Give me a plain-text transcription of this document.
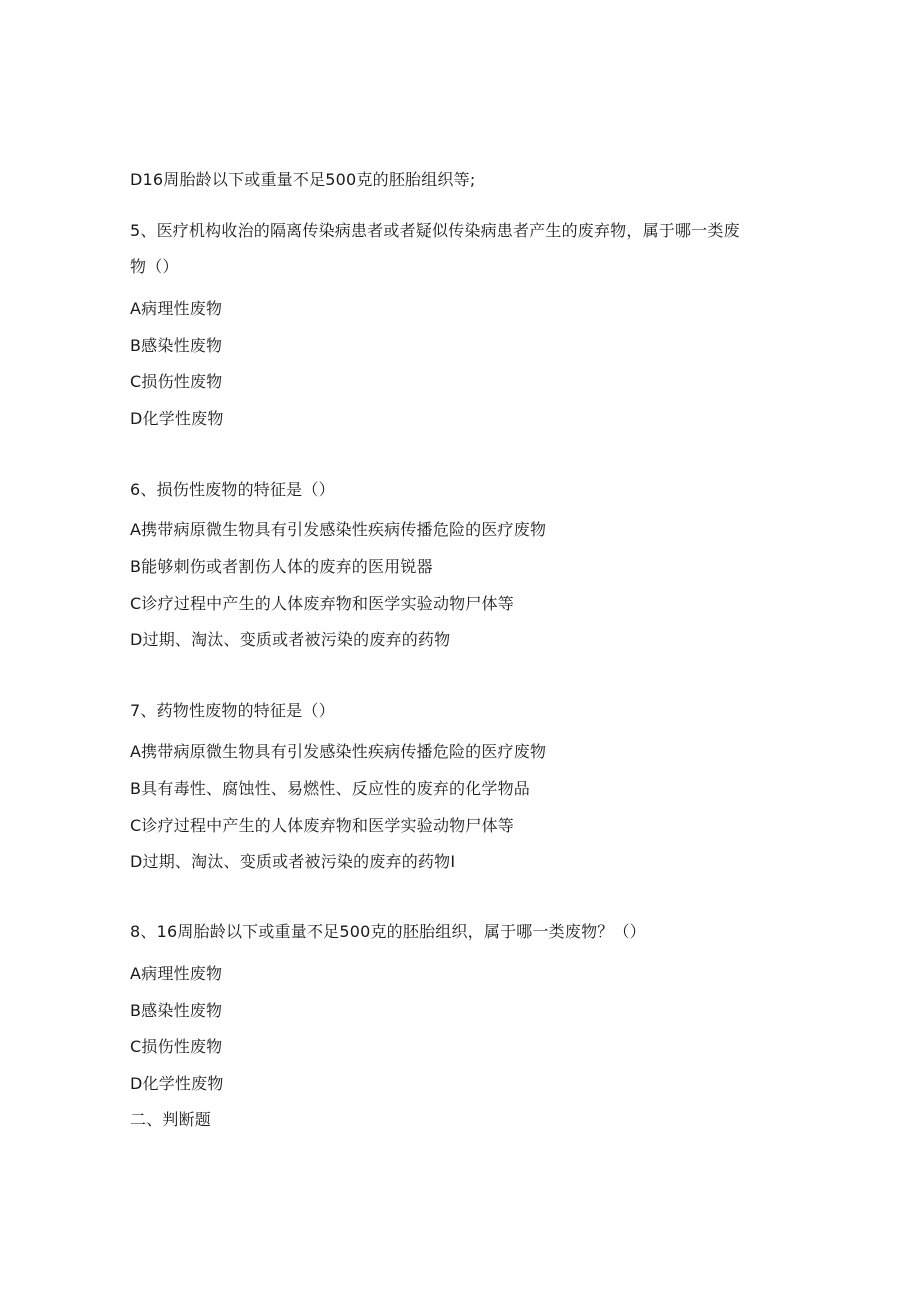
D16周胎龄以下或重量不足500克的胚胎组织等;
5、医疗机构收治的隔离传染病患者或者疑似传染病患者产生的废弃物，属于哪一类废
物（）
A病理性废物
B感染性废物
C损伤性废物
D化学性废物
6、损伤性废物的特征是（）
A携带病原微生物具有引发感染性疾病传播危险的医疗废物
B能够刺伤或者割伤人体的废弃的医用锐器
C诊疗过程中产生的人体废弃物和医学实验动物尸体等
D过期、淘汰、变质或者被污染的废弃的药物
7、药物性废物的特征是（）
A携带病原微生物具有引发感染性疾病传播危险的医疗废物
B具有毒性、腐蚀性、易燃性、反应性的废弃的化学物品
C诊疗过程中产生的人体废弃物和医学实验动物尸体等
D过期、淘汰、变质或者被污染的废弃的药物I
8、16周胎龄以下或重量不足500克的胚胎组织，属于哪一类废物？（）
A病理性废物
B感染性废物
C损伤性废物
D化学性废物
二、判断题
